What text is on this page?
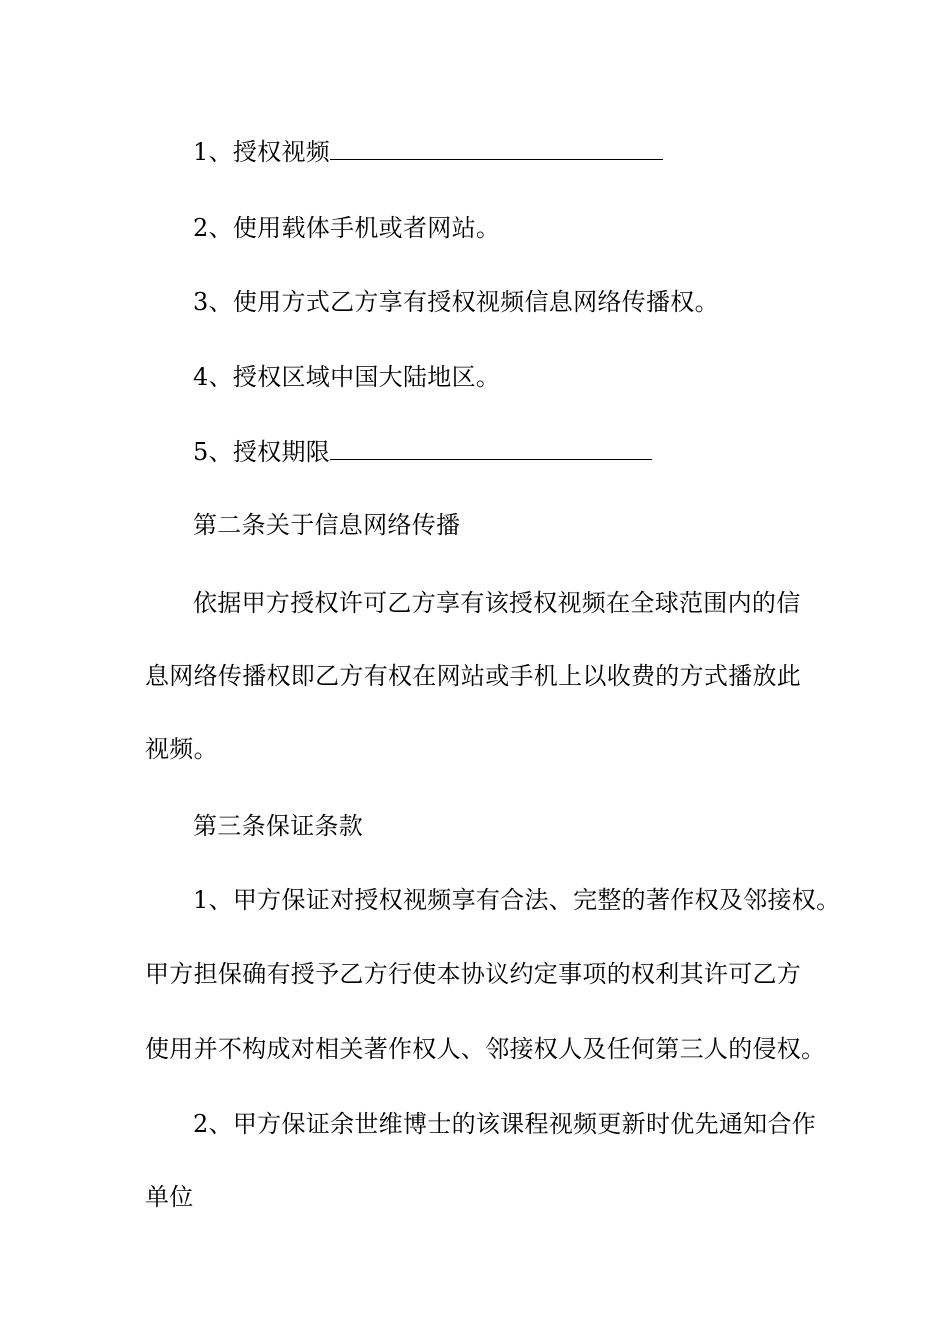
1、授权视频
2、使用载体手机或者网站。
3、使用方式乙方享有授权视频信息网络传播权。
4、授权区域中国大陆地区。
5、授权期限
第二条关于信息网络传播
依据甲方授权许可乙方享有该授权视频在全球范围内的信
息网络传播权即乙方有权在网站或手机上以收费的方式播放此
视频。
第三条保证条款
1、甲方保证对授权视频享有合法、完整的著作权及邻接权。
甲方担保确有授予乙方行使本协议约定事项的权利其许可乙方
使用并不构成对相关著作权人、邻接权人及任何第三人的侵权。
2、甲方保证余世维博士的该课程视频更新时优先通知合作
单位
